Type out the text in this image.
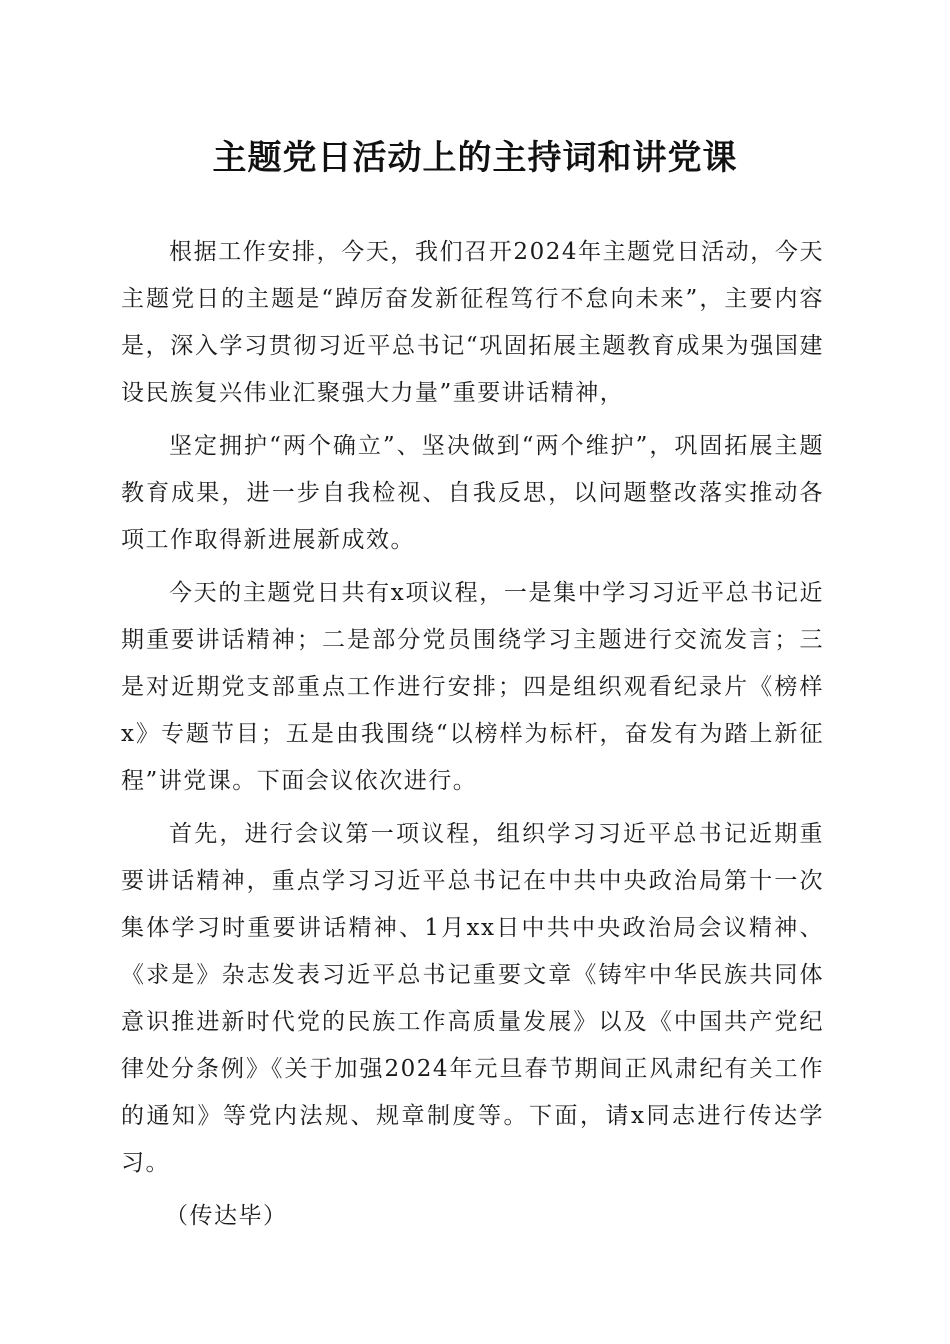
主题党日活动上的主持词和讲党课

根据工作安排，今天，我们召开2024年主题党日活动，今天主题党日的主题是“踔厉奋发新征程笃行不怠向未来”，主要内容是，深入学习贯彻习近平总书记“巩固拓展主题教育成果为强国建设民族复兴伟业汇聚强大力量”重要讲话精神，

坚定拥护“两个确立”、坚决做到“两个维护”，巩固拓展主题教育成果，进一步自我检视、自我反思，以问题整改落实推动各项工作取得新进展新成效。

今天的主题党日共有x项议程，一是集中学习习近平总书记近期重要讲话精神；二是部分党员围绕学习主题进行交流发言；三是对近期党支部重点工作进行安排；四是组织观看纪录片《榜样x》专题节目；五是由我围绕“以榜样为标杆，奋发有为踏上新征程”讲党课。下面会议依次进行。

首先，进行会议第一项议程，组织学习习近平总书记近期重要讲话精神，重点学习习近平总书记在中共中央政治局第十一次集体学习时重要讲话精神、1月xx日中共中央政治局会议精神、《求是》杂志发表习近平总书记重要文章《铸牢中华民族共同体意识推进新时代党的民族工作高质量发展》以及《中国共产党纪律处分条例》《关于加强2024年元旦春节期间正风肃纪有关工作的通知》等党内法规、规章制度等。下面，请x同志进行传达学习。

（传达毕）
